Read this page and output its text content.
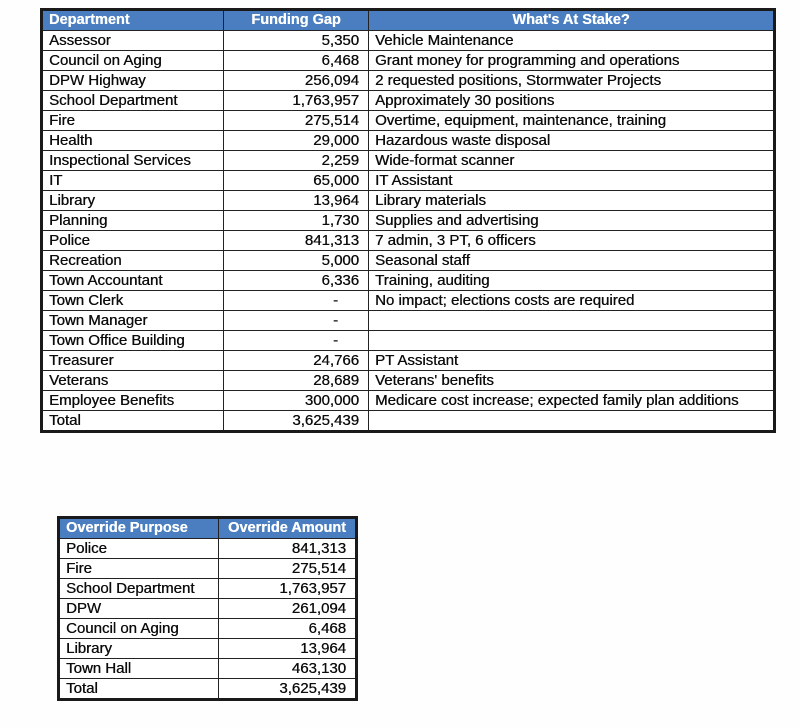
Department	Funding Gap	What's At Stake?
Assessor	5,350	Vehicle Maintenance
Council on Aging	6,468	Grant money for programming and operations
DPW Highway	256,094	2 requested positions, Stormwater Projects
School Department	1,763,957	Approximately 30 positions
Fire	275,514	Overtime, equipment, maintenance, training
Health	29,000	Hazardous waste disposal
Inspectional Services	2,259	Wide-format scanner
IT	65,000	IT Assistant
Library	13,964	Library materials
Planning	1,730	Supplies and advertising
Police	841,313	7 admin, 3 PT, 6 officers
Recreation	5,000	Seasonal staff
Town Accountant	6,336	Training, auditing
Town Clerk	-	No impact; elections costs are required
Town Manager	-	
Town Office Building	-	
Treasurer	24,766	PT Assistant
Veterans	28,689	Veterans' benefits
Employee Benefits	300,000	Medicare cost increase; expected family plan additions
Total	3,625,439	
Override Purpose	Override Amount
Police	841,313
Fire	275,514
School Department	1,763,957
DPW	261,094
Council on Aging	6,468
Library	13,964
Town Hall	463,130
Total	3,625,439
